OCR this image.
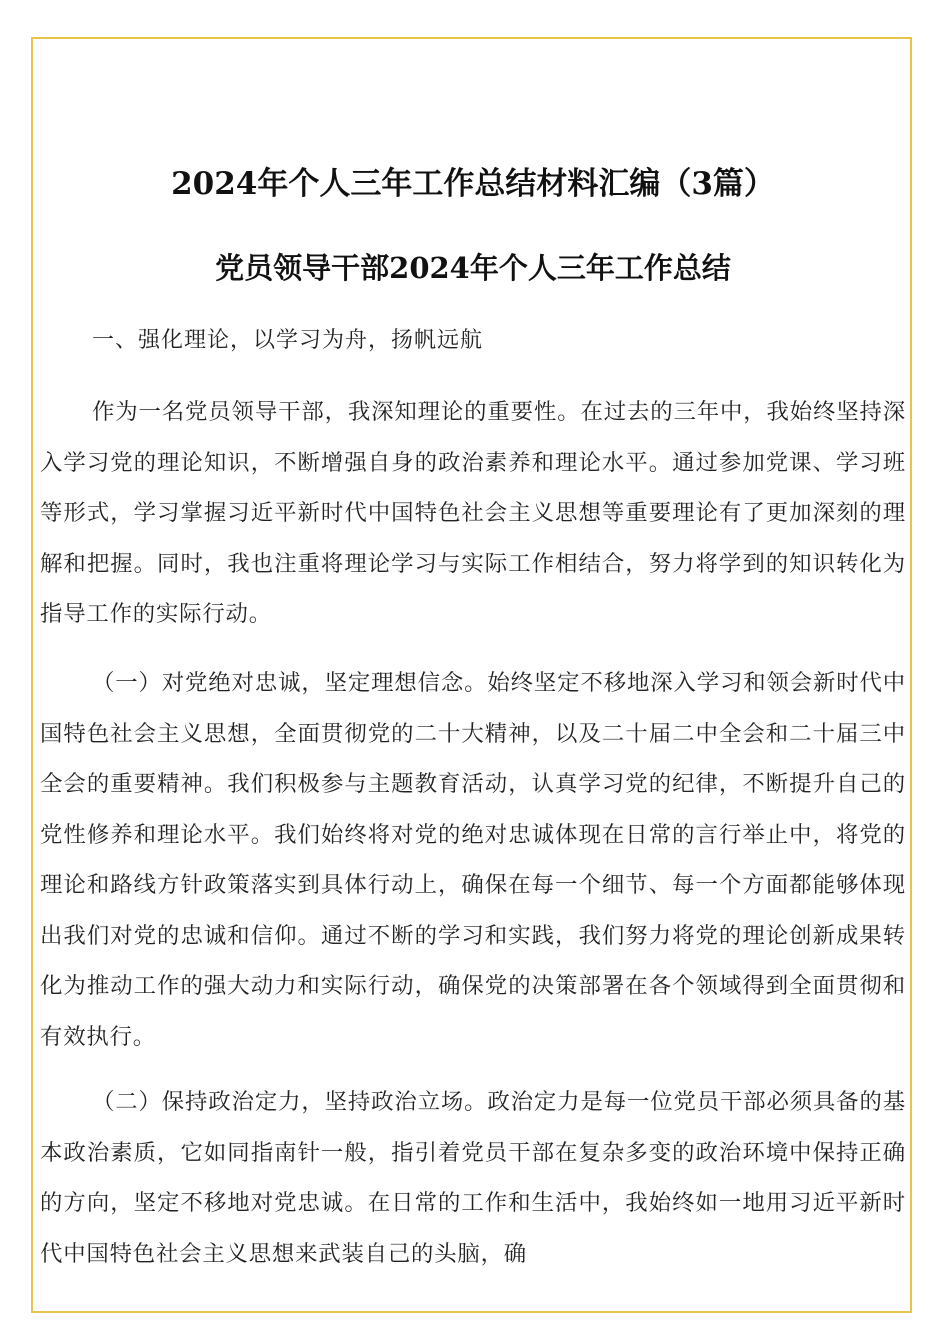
2024年个人三年工作总结材料汇编（3篇）
党员领导干部2024年个人三年工作总结
一、强化理论，以学习为舟，扬帆远航

作为一名党员领导干部，我深知理论的重要性。在过去的三年中，我始终坚持深入学习党的理论知识，不断增强自身的政治素养和理论水平。通过参加党课、学习班等形式，学习掌握习近平新时代中国特色社会主义思想等重要理论有了更加深刻的理解和把握。同时，我也注重将理论学习与实际工作相结合，努力将学到的知识转化为指导工作的实际行动。

（一）对党绝对忠诚，坚定理想信念。始终坚定不移地深入学习和领会新时代中国特色社会主义思想，全面贯彻党的二十大精神，以及二十届二中全会和二十届三中全会的重要精神。我们积极参与主题教育活动，认真学习党的纪律，不断提升自己的党性修养和理论水平。我们始终将对党的绝对忠诚体现在日常的言行举止中，将党的理论和路线方针政策落实到具体行动上，确保在每一个细节、每一个方面都能够体现出我们对党的忠诚和信仰。通过不断的学习和实践，我们努力将党的理论创新成果转化为推动工作的强大动力和实际行动，确保党的决策部署在各个领域得到全面贯彻和有效执行。

（二）保持政治定力，坚持政治立场。政治定力是每一位党员干部必须具备的基本政治素质，它如同指南针一般，指引着党员干部在复杂多变的政治环境中保持正确的方向，坚定不移地对党忠诚。在日常的工作和生活中，我始终如一地用习近平新时代中国特色社会主义思想来武装自己的头脑，确
